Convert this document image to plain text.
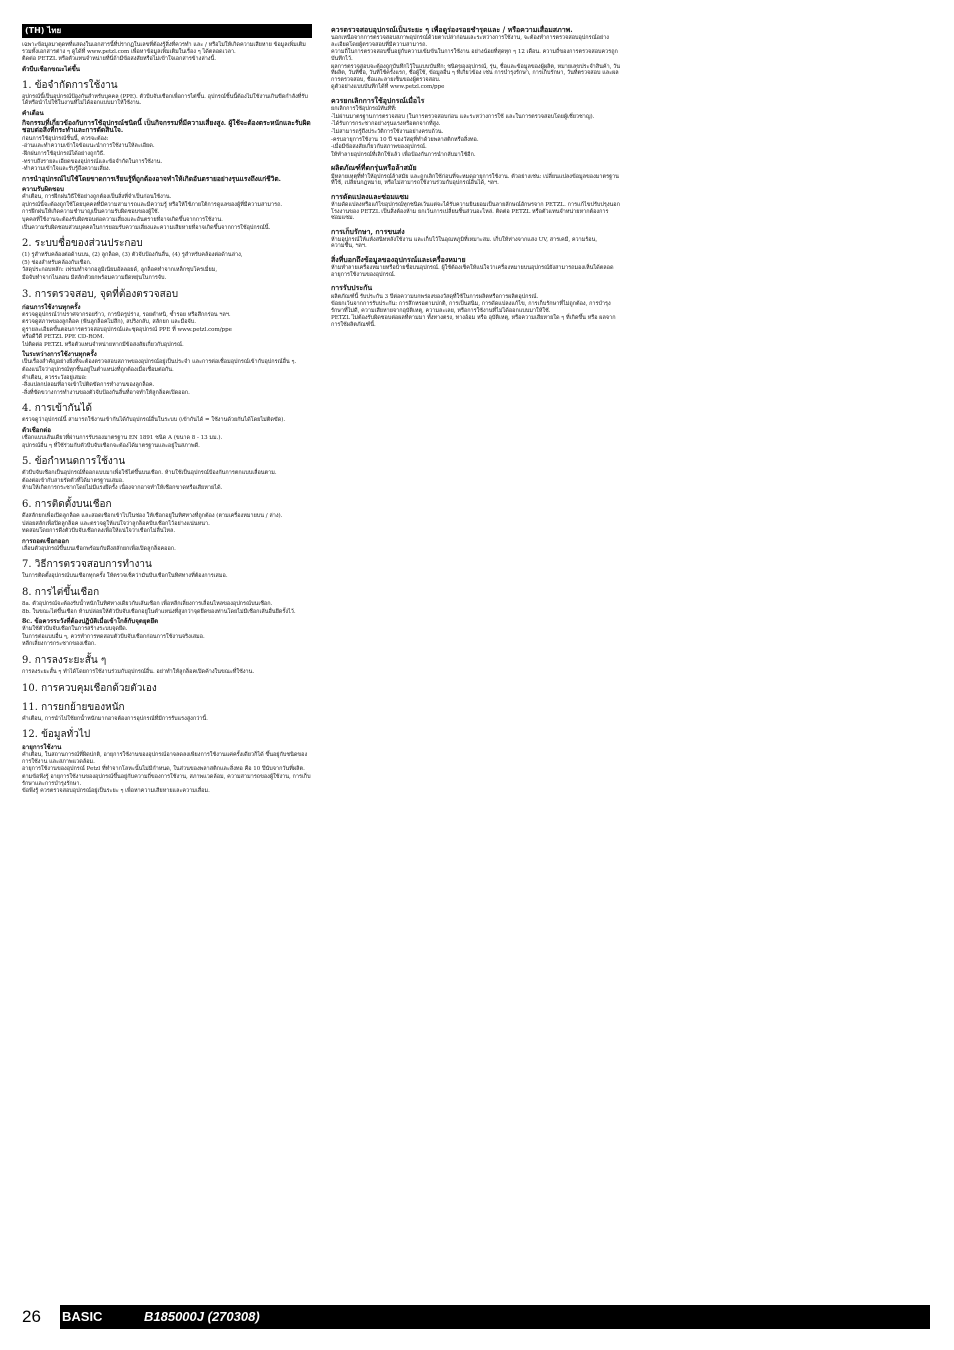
(TH) ไทย

เฉพาะข้อมูลมาตุดทที่แสดงในเอกสารนี้ที่ปรากฏในเลขที่ต้องรู้สิ่งที่ควรทำ และ / หรือไม่ให้เกิดความเสียหาย ข้อมูลเพิ่มเติมรวมทั้งเอกสารต่าง ๆ ดูได้ที่ www.petzl.com เพื่อหาข้อมูลเพิ่มเติมในเรื่อง ๆ ได้ตลอดเวลา.

ติดต่อ PETZL หรือตัวแทนจำหน่ายที่นี่ถ้ามีข้อสงสัยหรือไม่เข้าใจเอกสารข้างล่างนี้.

ตัวบีบเชือกขณะไต่ขึ้น
1. ข้อจำกัดการใช้งาน

อุปกรณ์นี้เป็นอุปกรณ์ป้องกันสำหรับบุคคล (PPE). ตัวบีบจับเชือกเพื่อการไต่ขึ้น. อุปกรณ์ชิ้นนี้ต้องไม่ใช้งานเกินขีดกำลังที่รับได้หรือนำไปใช้ในงานที่ไม่ได้ออกแบบมาให้ใช้งาน.

คำเตือน
กิจกรรมที่เกี่ยวข้องกับการใช้อุปกรณ์ชนิดนี้ เป็นกิจกรรมที่มีความเสี่ยงสูง. ผู้ใช้จะต้องตระหนักและรับผิดชอบต่อสิ่งที่กระทำและการตัดสินใจ.

ก่อนการใช้อุปกรณ์ชิ้นนี้, ควรจะต้อง:

-อ่านและทำความเข้าใจข้อแนะนำการใช้งานให้ละเอียด.

-ฝึกฝนการใช้อุปกรณ์ได้อย่างถูกวิธี.

-ทราบถึงรายละเอียดของอุปกรณ์และข้อจำกัดในการใช้งาน.

-ทำความเข้าใจและรับรู้ถึงความเสี่ยง.

การนำอุปกรณ์ไปใช้โดยขาดการเรียนรู้ที่ถูกต้องอาจทำให้เกิดอันตรายอย่างรุนแรงถึงแก่ชีวิต.
ความรับผิดชอบ

คำเตือน, การฝึกฝนวิธีใช้อย่างถูกต้องเป็นสิ่งที่จำเป็นก่อนใช้งาน.

อุปกรณ์นี้จะต้องถูกใช้โดยบุคคลที่มีความสามารถและมีความรู้ หรือให้ใช้ภายใต้การดูแลของผู้ที่มีความสามารถ.

การฝึกฝนให้เกิดความชำนาญเป็นความรับผิดชอบของผู้ใช้.

บุคคลที่ใช้งานจะต้องรับผิดชอบต่อความเสี่ยงและอันตรายที่อาจเกิดขึ้นจากการใช้งาน.

เป็นความรับผิดชอบส่วนบุคคลในการยอมรับความเสี่ยงและความเสียหายที่อาจเกิดขึ้นจากการใช้อุปกรณ์นี้.

2. ระบบชื่อของส่วนประกอบ

(1) รูสำหรับคล้องต่อด้านบน, (2) ลูกล็อค, (3) ตัวจับป้องกันลื่น, (4) รูสำหรับคล้องต่อด้านล่าง,

(5) ช่องสำหรับคล้องกับเชือก.

วัสดุประกอบหลัก: เฟรมทำจากอลูมิเนียมอัลลอยด์, ลูกล็อคทำจากเหล็กชุบโครเมี่ยม,

มือจับทำจากไนลอน มีสลักตัวยกพร้อมความยืดหยุ่นในการจับ.

3. การตรวจสอบ, จุดที่ต้องตรวจสอบ
ก่อนการใช้งานทุกครั้ง

ตรวจดูอุปกรณ์ว่าปราศจากรอยร้าว, การบิดรูปร่าง, รอยตำหนิ, ซ้ำรอย หรือสึกกร่อน ฯลฯ.

ตรวจดูสภาพของลูกล็อค (ฟันลูกล็อคไม่สึก), สปริงกลับ, สลักยก และมือจับ.

ดูรายละเอียดขั้นตอนการตรวจสอบอุปกรณ์และชุดอุปกรณ์ PPE ที่ www.petzl.com/ppe

หรือดีวีดี PETZL PPE CD-ROM.

ไปติดต่อ PETZL หรือตัวแทนจำหน่ายหากมีข้อสงสัยเกี่ยวกับอุปกรณ์.

ในระหว่างการใช้งานทุกครั้ง

เป็นเรื่องสำคัญอย่างยิ่งที่จะต้องตรวจสอบสภาพของอุปกรณ์อยู่เป็นประจำ และการต่อเชื่อมอุปกรณ์เข้ากับอุปกรณ์อื่น ๆ.

ต้องแน่ใจว่าอุปกรณ์ทุกชิ้นอยู่ในตำแหน่งที่ถูกต้องเมื่อเชื่อมต่อกัน.

คำเตือน, ควรระวังอยู่เสมอ:

-สิ่งแปลกปลอมที่อาจเข้าไปติดขัดการทำงานของลูกล็อค.

-สิ่งที่ขัดขวางการทำงานของตัวจับป้องกันลื่นที่อาจทำให้ลูกล็อคเปิดออก.

4. การเข้ากันได้

ตรวจดูว่าอุปกรณ์นี้ สามารถใช้งานเข้ากันได้กับอุปกรณ์อื่นในระบบ (เข้ากันได้ = ใช้งานด้วยกันได้โดยไม่ติดขัด).

ตัวเชือกต่อ

เชือกแบบเส้นเดียวที่ผ่านการรับรองมาตรฐาน EN 1891 ชนิด A (ขนาด 8 - 13 มม.).

อุปกรณ์อื่น ๆ ที่ใช้ร่วมกับตัวบีบจับเชือกจะต้องได้มาตรฐานและอยู่ในสภาพดี.

5. ข้อกำหนดการใช้งาน

ตัวบีบจับเชือกเป็นอุปกรณ์ที่ออกแบบมาเพื่อใช้ไต่ขึ้นบนเชือก. ห้ามใช้เป็นอุปกรณ์ป้องกันการตกแบบเลื่อนตาม.

ต้องต่อเข้ากับสายรัดตัวที่ได้มาตรฐานเสมอ.

ห้ามให้เกิดการกระชากโดยไม่มีแรงยึดรั้ง เนื่องจากอาจทำให้เชือกขาดหรือเสียหายได้.

6. การติดตั้งบนเชือก

ดึงสลักยกเพื่อเปิดลูกล็อค และสอดเชือกเข้าไปในช่อง ให้เชือกอยู่ในทิศทางที่ถูกต้อง (ตามเครื่องหมายบน / ล่าง).

ปล่อยสลักเพื่อปิดลูกล็อค และตรวจดูให้แน่ใจว่าลูกล็อคบีบเชือกไว้อย่างแน่นหนา.

ทดสอบโดยการดึงตัวบีบจับเชือกลงเพื่อให้แน่ใจว่าเชือกไม่ลื่นไหล.

การถอดเชือกออก

เลื่อนตัวอุปกรณ์ขึ้นบนเชือกพร้อมกับดึงสลักยกเพื่อเปิดลูกล็อคออก.

7. วิธีการตรวจสอบการทำงาน

ในการติดตั้งอุปกรณ์บนเชือกทุกครั้ง ให้ตรวจเช็คว่ามันบีบเชือกในทิศทางที่ต้องการเสมอ.

8. การไต่ขึ้นเชือก

8a. ตัวอุปกรณ์จะต้องรับน้ำหนักในทิศทางเดียวกับเส้นเชือก เพื่อหลีกเลี่ยงการเลื่อนไหลของอุปกรณ์บนเชือก.

8b. ในขณะไต่ขึ้นเชือก ห้ามปล่อยให้ตัวบีบจับเชือกอยู่ในตำแหน่งที่สูงกว่าจุดยึดของท่านโดยไม่มีเชือกเส้นอื่นยึดรั้งไว้.

8c. ข้อควรระวังที่ต้องปฏิบัติเมื่อเข้าใกล้กับจุดยุดยึด

ห้ามใช้ตัวบีบจับเชือกในการสร้างระบบจุดยึด.

ในการต่อแบบอื่น ๆ, ควรทำการทดสอบตัวบีบจับเชือกก่อนการใช้งานจริงเสมอ.

หลีกเลี่ยงการกระชากของเชือก.

9. การลงระยะสั้น ๆ

การลงระยะสั้น ๆ ทำได้โดยการใช้งานร่วมกับอุปกรณ์อื่น. อย่าทำให้ลูกล็อคเปิดค้างในขณะที่ใช้งาน.

10. การควบคุมเชือกด้วยตัวเอง
11. การยกย้ายของหนัก

คำเตือน, การนำไปใช้ยกน้ำหนักมากอาจต้องการอุปกรณ์ที่มีการรับแรงสูงกว่านี้.

12. ข้อมูลทั่วไป
อายุการใช้งาน

คำเตือน, ในสถานการณ์ที่ผิดปกติ, อายุการใช้งานของอุปกรณ์อาจลดลงเพียงการใช้งานแค่ครั้งเดียวก็ได้ ขึ้นอยู่กับชนิดของการใช้งาน และสภาพแวดล้อม.

อายุการใช้งานของอุปกรณ์ Petzl ที่ทำจากโลหะนั้นไม่มีกำหนด, ในส่วนของพลาสติกและสิ่งทอ คือ 10 ปีนับจากวันที่ผลิต.

ตามข้อพึงรู้ อายุการใช้งานของอุปกรณ์ขึ้นอยู่กับความถี่ของการใช้งาน, สภาพแวดล้อม, ความสามารถของผู้ใช้งาน, การเก็บรักษาและการบำรุงรักษา.

ข้อพึงรู้ ควรตรวจสอบอุปกรณ์อยู่เป็นระยะ ๆ เพื่อหาความเสียหายและความเสื่อม.

ควรตรวจสอบอุปกรณ์เป็นระยะ ๆ เพื่อดูร่องรอยชำรุดและ / หรือความเสื่อมสภาพ.

นอกเหนือจากการตรวจสอบสภาพอุปกรณ์ด้วยตาเปล่าก่อนและระหว่างการใช้งาน, จะต้องทำการตรวจสอบอุปกรณ์อย่างละเอียดโดยผู้ตรวจสอบที่มีความสามารถ.

ความถี่ในการตรวจสอบขึ้นอยู่กับความเข้มข้นในการใช้งาน อย่างน้อยที่สุดทุก ๆ 12 เดือน. ความถี่ของการตรวจสอบควรถูกบันทึกไว้.

ผลการตรวจสอบจะต้องถูกบันทึกไว้ในแบบบันทึก: ชนิดของอุปกรณ์, รุ่น, ชื่อและข้อมูลของผู้ผลิต, หมายเลขประจำสินค้า, วันที่ผลิต, วันที่ซื้อ, วันที่ใช้ครั้งแรก, ชื่อผู้ใช้, ข้อมูลอื่น ๆ ที่เกี่ยวข้อง เช่น การบำรุงรักษา, การเก็บรักษา, วันที่ตรวจสอบ และผลการตรวจสอบ, ชื่อและลายเซ็นของผู้ตรวจสอบ.

ดูตัวอย่างแบบบันทึกได้ที่ www.petzl.com/ppe

ควรยกเลิกการใช้อุปกรณ์เมื่อไร

ยกเลิกการใช้อุปกรณ์ทันทีที่:

-ไม่ผ่านมาตรฐานการตรวจสอบ (ในการตรวจสอบก่อน และระหว่างการใช้ และในการตรวจสอบโดยผู้เชี่ยวชาญ).

-ได้รับการกระชากอย่างรุนแรงหรือตกจากที่สูง.

-ไม่สามารถรู้ถึงประวัติการใช้งานอย่างครบถ้วน.

-ครบอายุการใช้งาน 10 ปี ของวัสดุที่ทำด้วยพลาสติกหรือสิ่งทอ.

-เมื่อมีข้อสงสัยเกี่ยวกับสภาพของอุปกรณ์.

ให้ทำลายอุปกรณ์ที่เลิกใช้แล้ว เพื่อป้องกันการนำกลับมาใช้อีก.

ผลิตภัณฑ์ที่ตกรุ่นหรือล้าสมัย

มีหลายเหตุที่ทำให้อุปกรณ์ล้าสมัย และถูกเลิกใช้ก่อนที่จะหมดอายุการใช้งาน. ตัวอย่างเช่น: เปลี่ยนแปลงข้อมูลของมาตรฐานที่ใช้, เปลี่ยนกฎหมาย, หรือไม่สามารถใช้งานร่วมกับอุปกรณ์อื่นได้, ฯลฯ.

การดัดแปลงและซ่อมแซม

ห้ามดัดแปลงหรือแก้ไขอุปกรณ์ทุกชนิดเว้นแต่จะได้รับความยินยอมเป็นลายลักษณ์อักษรจาก PETZL. การแก้ไขปรับปรุงนอกโรงงานของ PETZL เป็นสิ่งต้องห้าม ยกเว้นการเปลี่ยนชิ้นส่วนอะไหล่. ติดต่อ PETZL หรือตัวแทนจำหน่ายหากต้องการซ่อมแซม.

การเก็บรักษา, การขนส่ง

ห้ามอุปกรณ์ให้แห้งสนิทหลังใช้งาน และเก็บไว้ในอุณหภูมิที่เหมาะสม. เก็บให้ห่างจากแสง UV, สารเคมี, ความร้อน, ความชื้น, ฯลฯ.

สิ่งที่บอกถึงข้อมูลของอุปกรณ์และเครื่องหมาย

ห้ามทำลายเครื่องหมายหรือป้ายชื่อบนอุปกรณ์. ผู้ใช้ต้องเช็คให้แน่ใจว่าเครื่องหมายบนอุปกรณ์ยังสามารถมองเห็นได้ตลอดอายุการใช้งานของอุปกรณ์.

การรับประกัน

ผลิตภัณฑ์นี้ รับประกัน 3 ปีต่อความบกพร่องของวัสดุที่ใช้ในการผลิตหรือการผลิตอุปกรณ์.

ข้อยกเว้นจากการรับประกัน: การสึกหรอตามปกติ, การเป็นสนิม, การดัดแปลงแก้ไข, การเก็บรักษาที่ไม่ถูกต้อง, การบำรุงรักษาที่ไม่ดี, ความเสียหายจากอุบัติเหตุ, ความละเลย, หรือการใช้งานที่ไม่ได้ออกแบบมาให้ใช้.

PETZL ไม่ต้องรับผิดชอบต่อผลที่ตามมา ทั้งทางตรง, ทางอ้อม หรือ อุบัติเหตุ, หรือความเสียหายใด ๆ ที่เกิดขึ้น หรือ ผลจากการใช้ผลิตภัณฑ์นี้.

26	BASIC	B185000J (270308)
